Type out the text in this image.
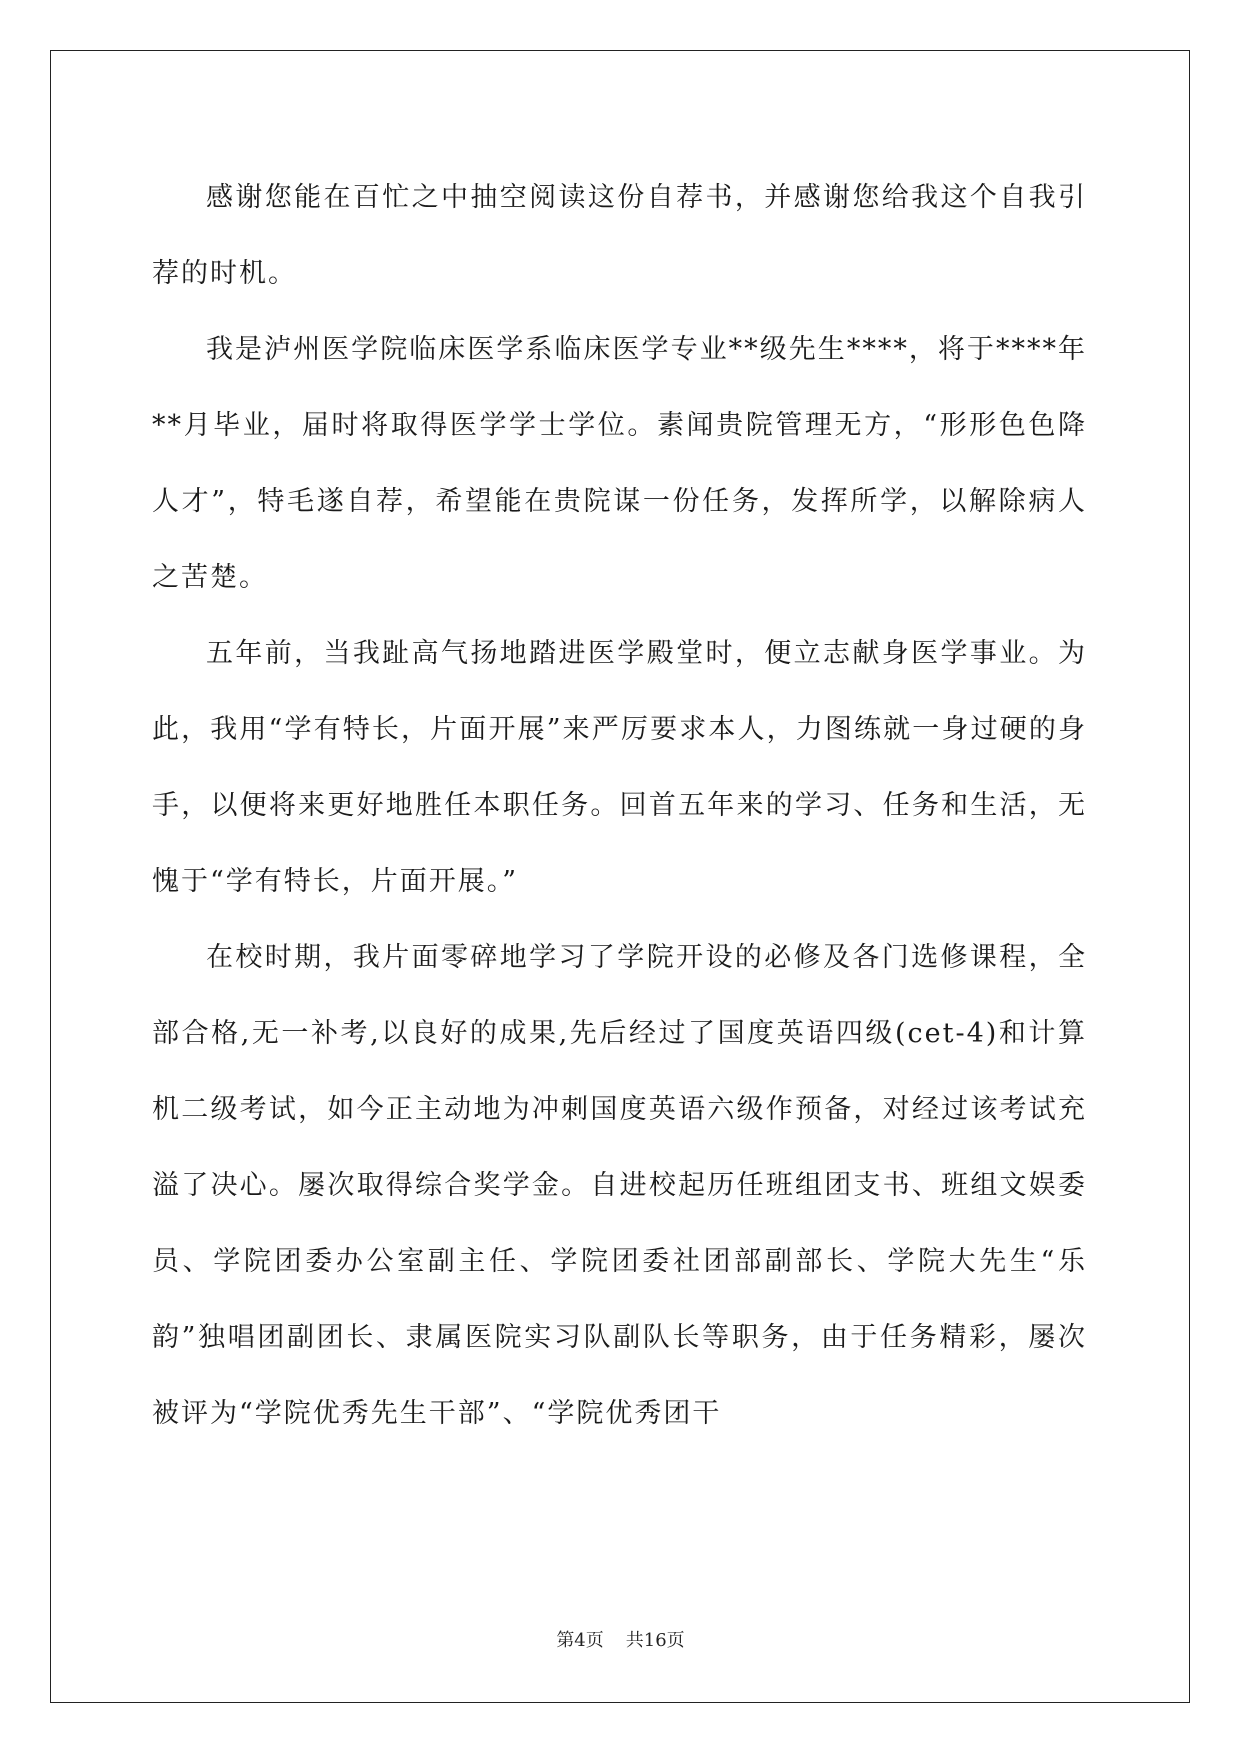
感谢您能在百忙之中抽空阅读这份自荐书，并感谢您给我这个自我引荐的时机。

我是泸州医学院临床医学系临床医学专业**级先生****，将于****年**月毕业，届时将取得医学学士学位。素闻贵院管理无方，“形形色色降人才”，特毛遂自荐，希望能在贵院谋一份任务，发挥所学，以解除病人之苦楚。

五年前，当我趾高气扬地踏进医学殿堂时，便立志献身医学事业。为此，我用“学有特长，片面开展”来严厉要求本人，力图练就一身过硬的身手，以便将来更好地胜任本职任务。回首五年来的学习、任务和生活，无愧于“学有特长，片面开展。”

在校时期，我片面零碎地学习了学院开设的必修及各门选修课程，全部合格,无一补考,以良好的成果,先后经过了国度英语四级(cet-4)和计算机二级考试，如今正主动地为冲刺国度英语六级作预备，对经过该考试充溢了决心。屡次取得综合奖学金。自进校起历任班组团支书、班组文娱委员、学院团委办公室副主任、学院团委社团部副部长、学院大先生“乐韵”独唱团副团长、隶属医院实习队副队长等职务，由于任务精彩，屡次被评为“学院优秀先生干部”、“学院优秀团干

第4页 共16页
